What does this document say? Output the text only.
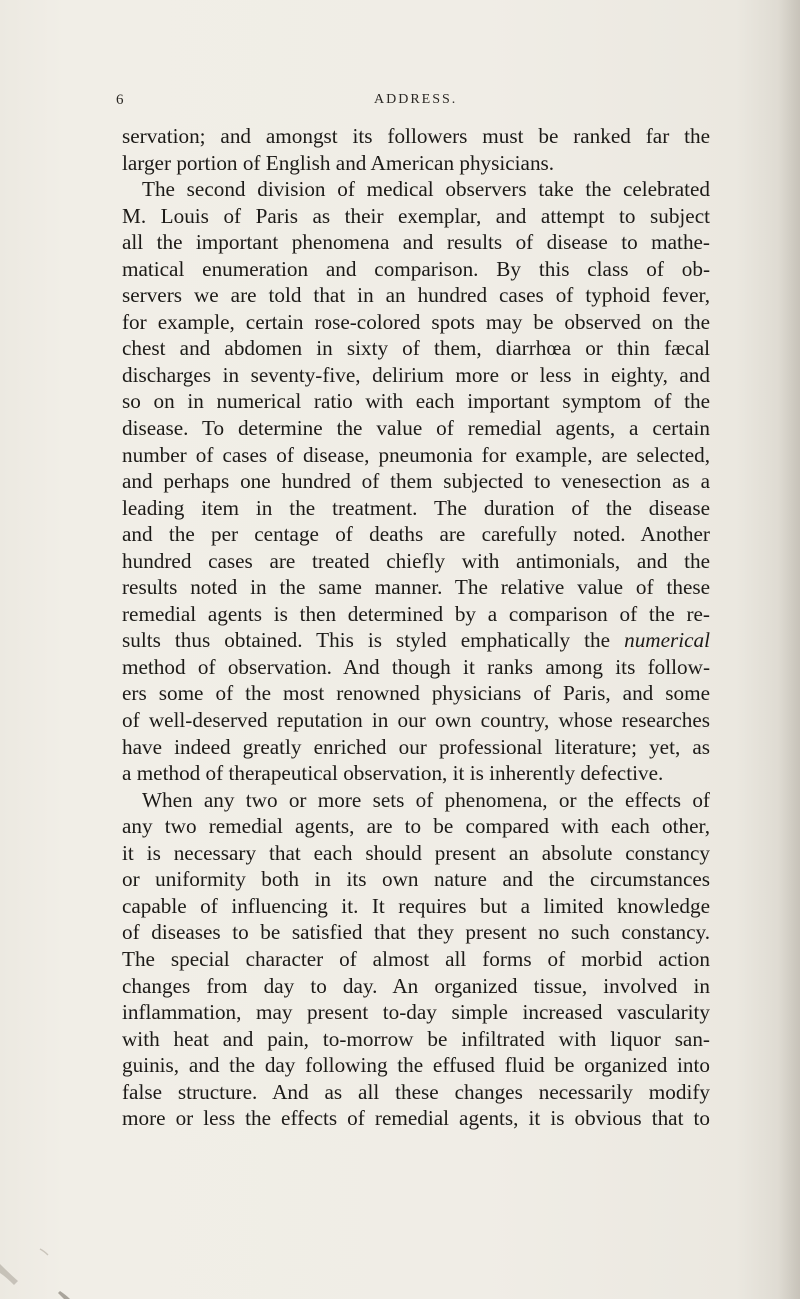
6	ADDRESS.
servation; and amongst its followers must be ranked far the
larger portion of English and American physicians.
The second division of medical observers take the celebrated
M. Louis of Paris as their exemplar, and attempt to subject
all the important phenomena and results of disease to mathe-
matical enumeration and comparison. By this class of ob-
servers we are told that in an hundred cases of typhoid fever,
for example, certain rose-colored spots may be observed on the
chest and abdomen in sixty of them, diarrhœa or thin fæcal
discharges in seventy-five, delirium more or less in eighty, and
so on in numerical ratio with each important symptom of the
disease. To determine the value of remedial agents, a certain
number of cases of disease, pneumonia for example, are selected,
and perhaps one hundred of them subjected to venesection as a
leading item in the treatment. The duration of the disease
and the per centage of deaths are carefully noted. Another
hundred cases are treated chiefly with antimonials, and the
results noted in the same manner. The relative value of these
remedial agents is then determined by a comparison of the re-
sults thus obtained. This is styled emphatically the numerical
method of observation. And though it ranks among its follow-
ers some of the most renowned physicians of Paris, and some
of well-deserved reputation in our own country, whose researches
have indeed greatly enriched our professional literature; yet, as
a method of therapeutical observation, it is inherently defective.
When any two or more sets of phenomena, or the effects of
any two remedial agents, are to be compared with each other,
it is necessary that each should present an absolute constancy
or uniformity both in its own nature and the circumstances
capable of influencing it. It requires but a limited knowledge
of diseases to be satisfied that they present no such constancy.
The special character of almost all forms of morbid action
changes from day to day. An organized tissue, involved in
inflammation, may present to-day simple increased vascularity
with heat and pain, to-morrow be infiltrated with liquor san-
guinis, and the day following the effused fluid be organized into
false structure. And as all these changes necessarily modify
more or less the effects of remedial agents, it is obvious that to
